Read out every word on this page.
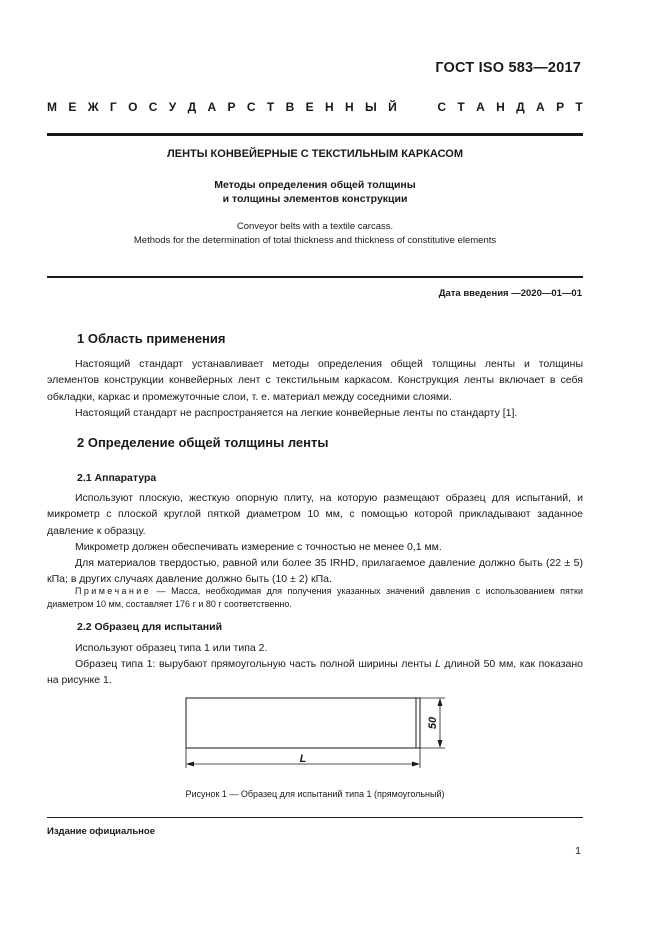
ГОСТ ISO 583—2017
М Е Ж Г О С У Д А Р С Т В Е Н Н Ы Й

	С Т А Н Д А Р Т
ЛЕНТЫ КОНВЕЙЕРНЫЕ С ТЕКСТИЛЬНЫМ КАРКАСОМ
Методы определения общей толщины
и толщины элементов конструкции
Conveyor belts with a textile carcass.
Methods for the determination of total thickness and thickness of constitutive elements
Дата введения —2020—01—01
1 Область применения

Настоящий стандарт устанавливает методы определения общей толщины ленты и толщины элементов конструкции конвейерных лент с текстильным каркасом. Конструкция ленты включает в себя обкладки, каркас и промежуточные слои, т. е. материал между соседними слоями.

Настоящий стандарт не распространяется на легкие конвейерные ленты по стандарту [1].

2 Определение общей толщины ленты

2.1 Аппаратура

Используют плоскую, жесткую опорную плиту, на которую размещают образец для испытаний, и микрометр с плоской круглой пяткой диаметром 10 мм, с помощью которой прикладывают заданное давление к образцу.

Микрометр должен обеспечивать измерение с точностью не менее 0,1 мм.

Для материалов твердостью, равной или более 35 IRHD, прилагаемое давление должно быть (22 ± 5) кПа; в других случаях давление должно быть (10 ± 2) кПа.

Примечание — Масса, необходимая для получения указанных значений давления с использованием пятки диаметром 10 мм, составляет 176 г и 80 г соответственно.

2.2 Образец для испытаний

Используют образец типа 1 или типа 2.

Образец типа 1: вырубают прямоугольную часть полной ширины ленты L длиной 50 мм, как показано на рисунке 1.

50
L
Рисунок 1 — Образец для испытаний типа 1 (прямоугольный)
Издание официальное
1
